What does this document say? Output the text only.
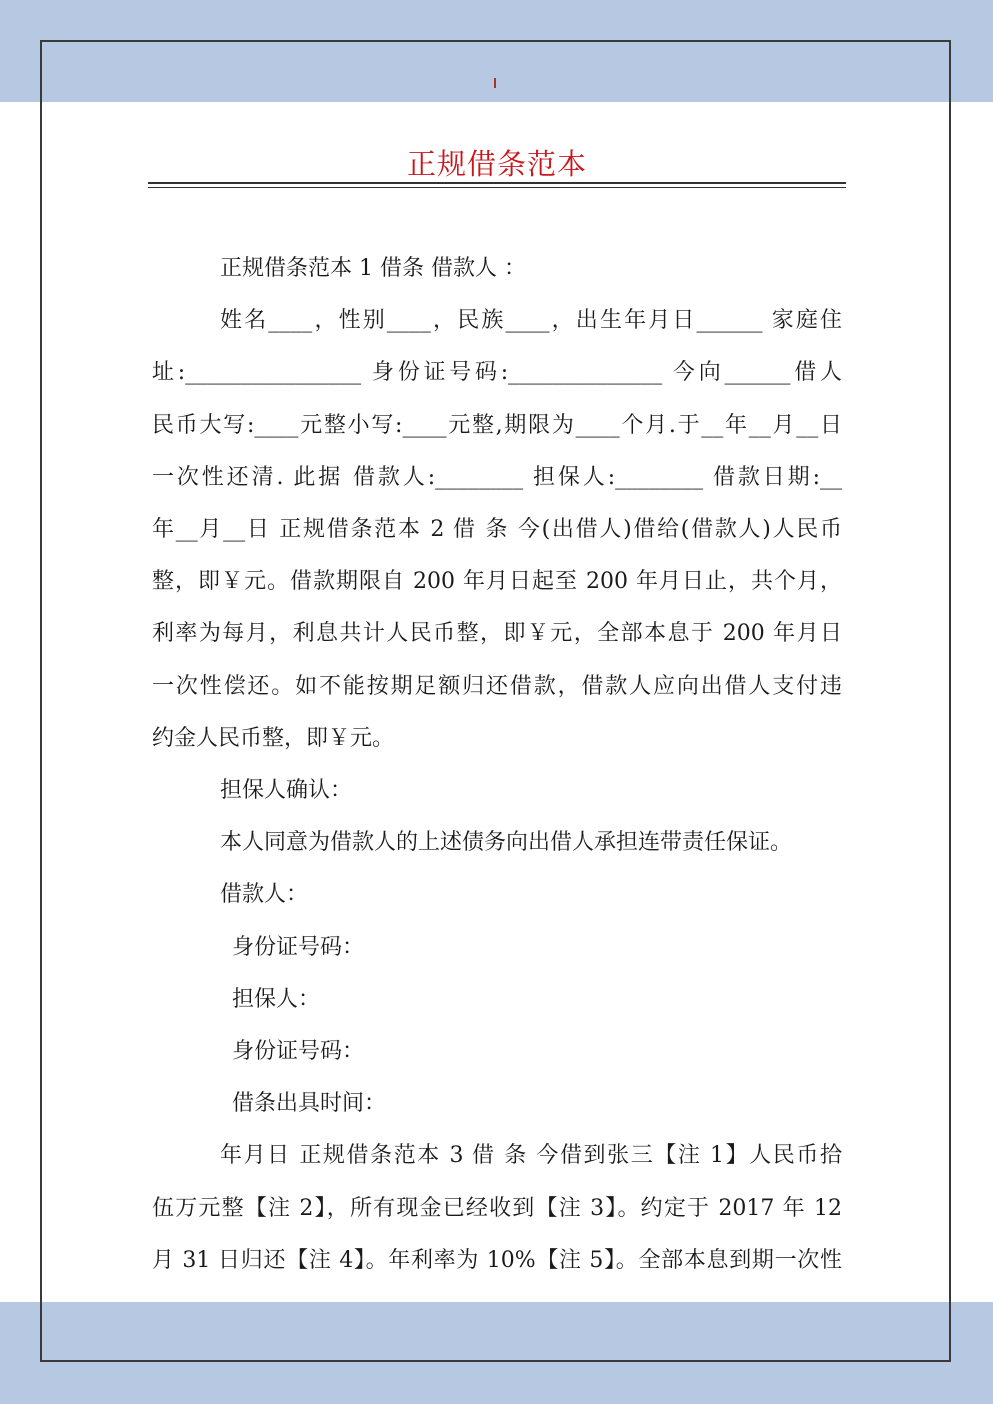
正规借条范本

正规借条范本 1 借条 借款人 ：

姓名____，性别____，民族____，出生年月日______ 家庭住

址:________________ 身份证号码:______________ 今向______借人

民币大写:____元整小写:____元整,期限为____个月.于__年__月__日

一次性还清. 此据 借款人:________ 担保人:________ 借款日期:__

年__月__日 正规借条范本 2 借 条 今(出借人)借给(借款人)人民币

整，即￥元。借款期限自 200 年月日起至 200 年月日止，共个月，

利率为每月，利息共计人民币整，即￥元，全部本息于 200 年月日

一次性偿还。如不能按期足额归还借款，借款人应向出借人支付违

约金人民币整，即￥元。

担保人确认：

本人同意为借款人的上述债务向出借人承担连带责任保证。

借款人：

身份证号码：

担保人：

身份证号码：

借条出具时间：

年月日 正规借条范本 3 借 条 今借到张三【注 1】人民币拾

伍万元整【注 2】，所有现金已经收到【注 3】。约定于 2017 年 12

月 31 日归还【注 4】。年利率为 10%【注 5】。全部本息到期一次性
